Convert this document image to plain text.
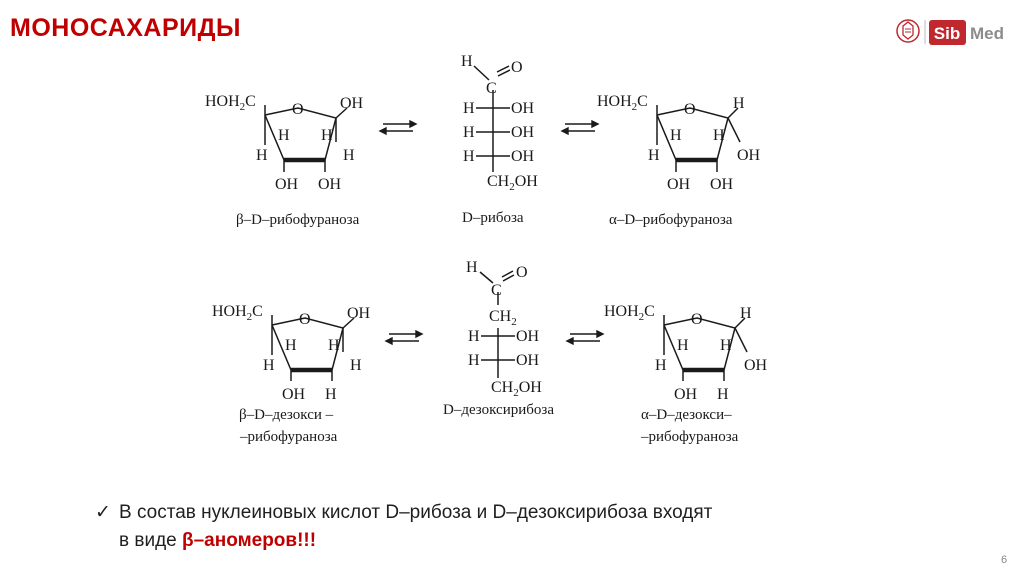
МОНОСАХАРИДЫ	Sib Med
$HOH_2C$ O OH
H H
H	H
OH OH
β–D–рибофураноза
H
C
O
H OH
H OH
H OH
$CH_2OH$
D–рибоза
$HOH_2C$ O H
H H
H	OH
OH OH
α–D–рибофураноза
$HOH_2C$ O OH
H H
H	H
OH H
β–D–дезокси –
–рибофураноза
H
C
O
$CH_2$
H OH
H OH
$CH_2OH$
D–дезоксирибоза
$HOH_2C$ O H
H H
H	OH
OH H
α–D–дезокси–
–рибофураноза
✓ В состав нуклеиновых кислот D–рибоза и D–дезоксирибоза входят
в виде β–аномеров!!!
6
